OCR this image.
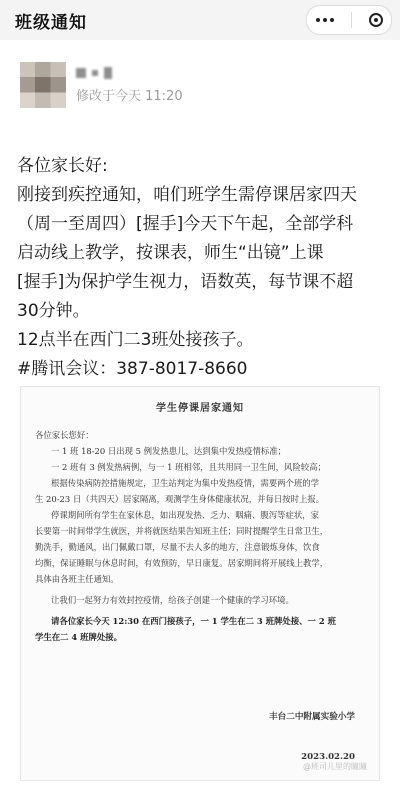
班级通知
修改于今天 11:20
各位家长好:
刚接到疾控通知，咱们班学生需停课居家四天
（周一至周四）[握手]今天下午起，全部学科
启动线上教学，按课表，师生“出镜”上课
[握手]为保护学生视力，语数英，每节课不超
30分钟。
12点半在西门二3班处接孩子。
#腾讯会议：387-8017-8660
学生停课居家通知
各位家长您好：
一 1 班 18-20 日出现 5 例发热患儿，达到集中发热疫情标准；
一 2 班有 3 例发热病例，与一 1 班相邻，且共用同一卫生间，风险较高；
根据传染病防控措施规定，卫生站判定为集中发热疫情，需要两个班的学
生 20-23 日（共四天）居家隔离，观测学生身体健康状况，并每日按时上报。
停课期间所有学生在家休息，如出现发热、乏力、咽痛、腹泻等症状，家
长要第一时间带学生就医，并将就医结果告知班主任；同时提醒学生日常卫生，
勤洗手，勤通风，出门佩戴口罩，尽量不去人多的地方，注意锻炼身体，饮食
均衡，保证睡眠与休息时间，有效预防，早日康复。居家期间将开展线上教学，
具体由各班主任通知。
让我们一起努力有效封控疫情，给孩子创建一个健康的学习环境。
请各位家长今天 12:30 在西门接孩子，一 1 学生在二 3 班牌处接、一 2 班
学生在二 4 班牌处接。
丰台二中附属实验小学
2023.02.20
@班司儿里的瞳瞳
